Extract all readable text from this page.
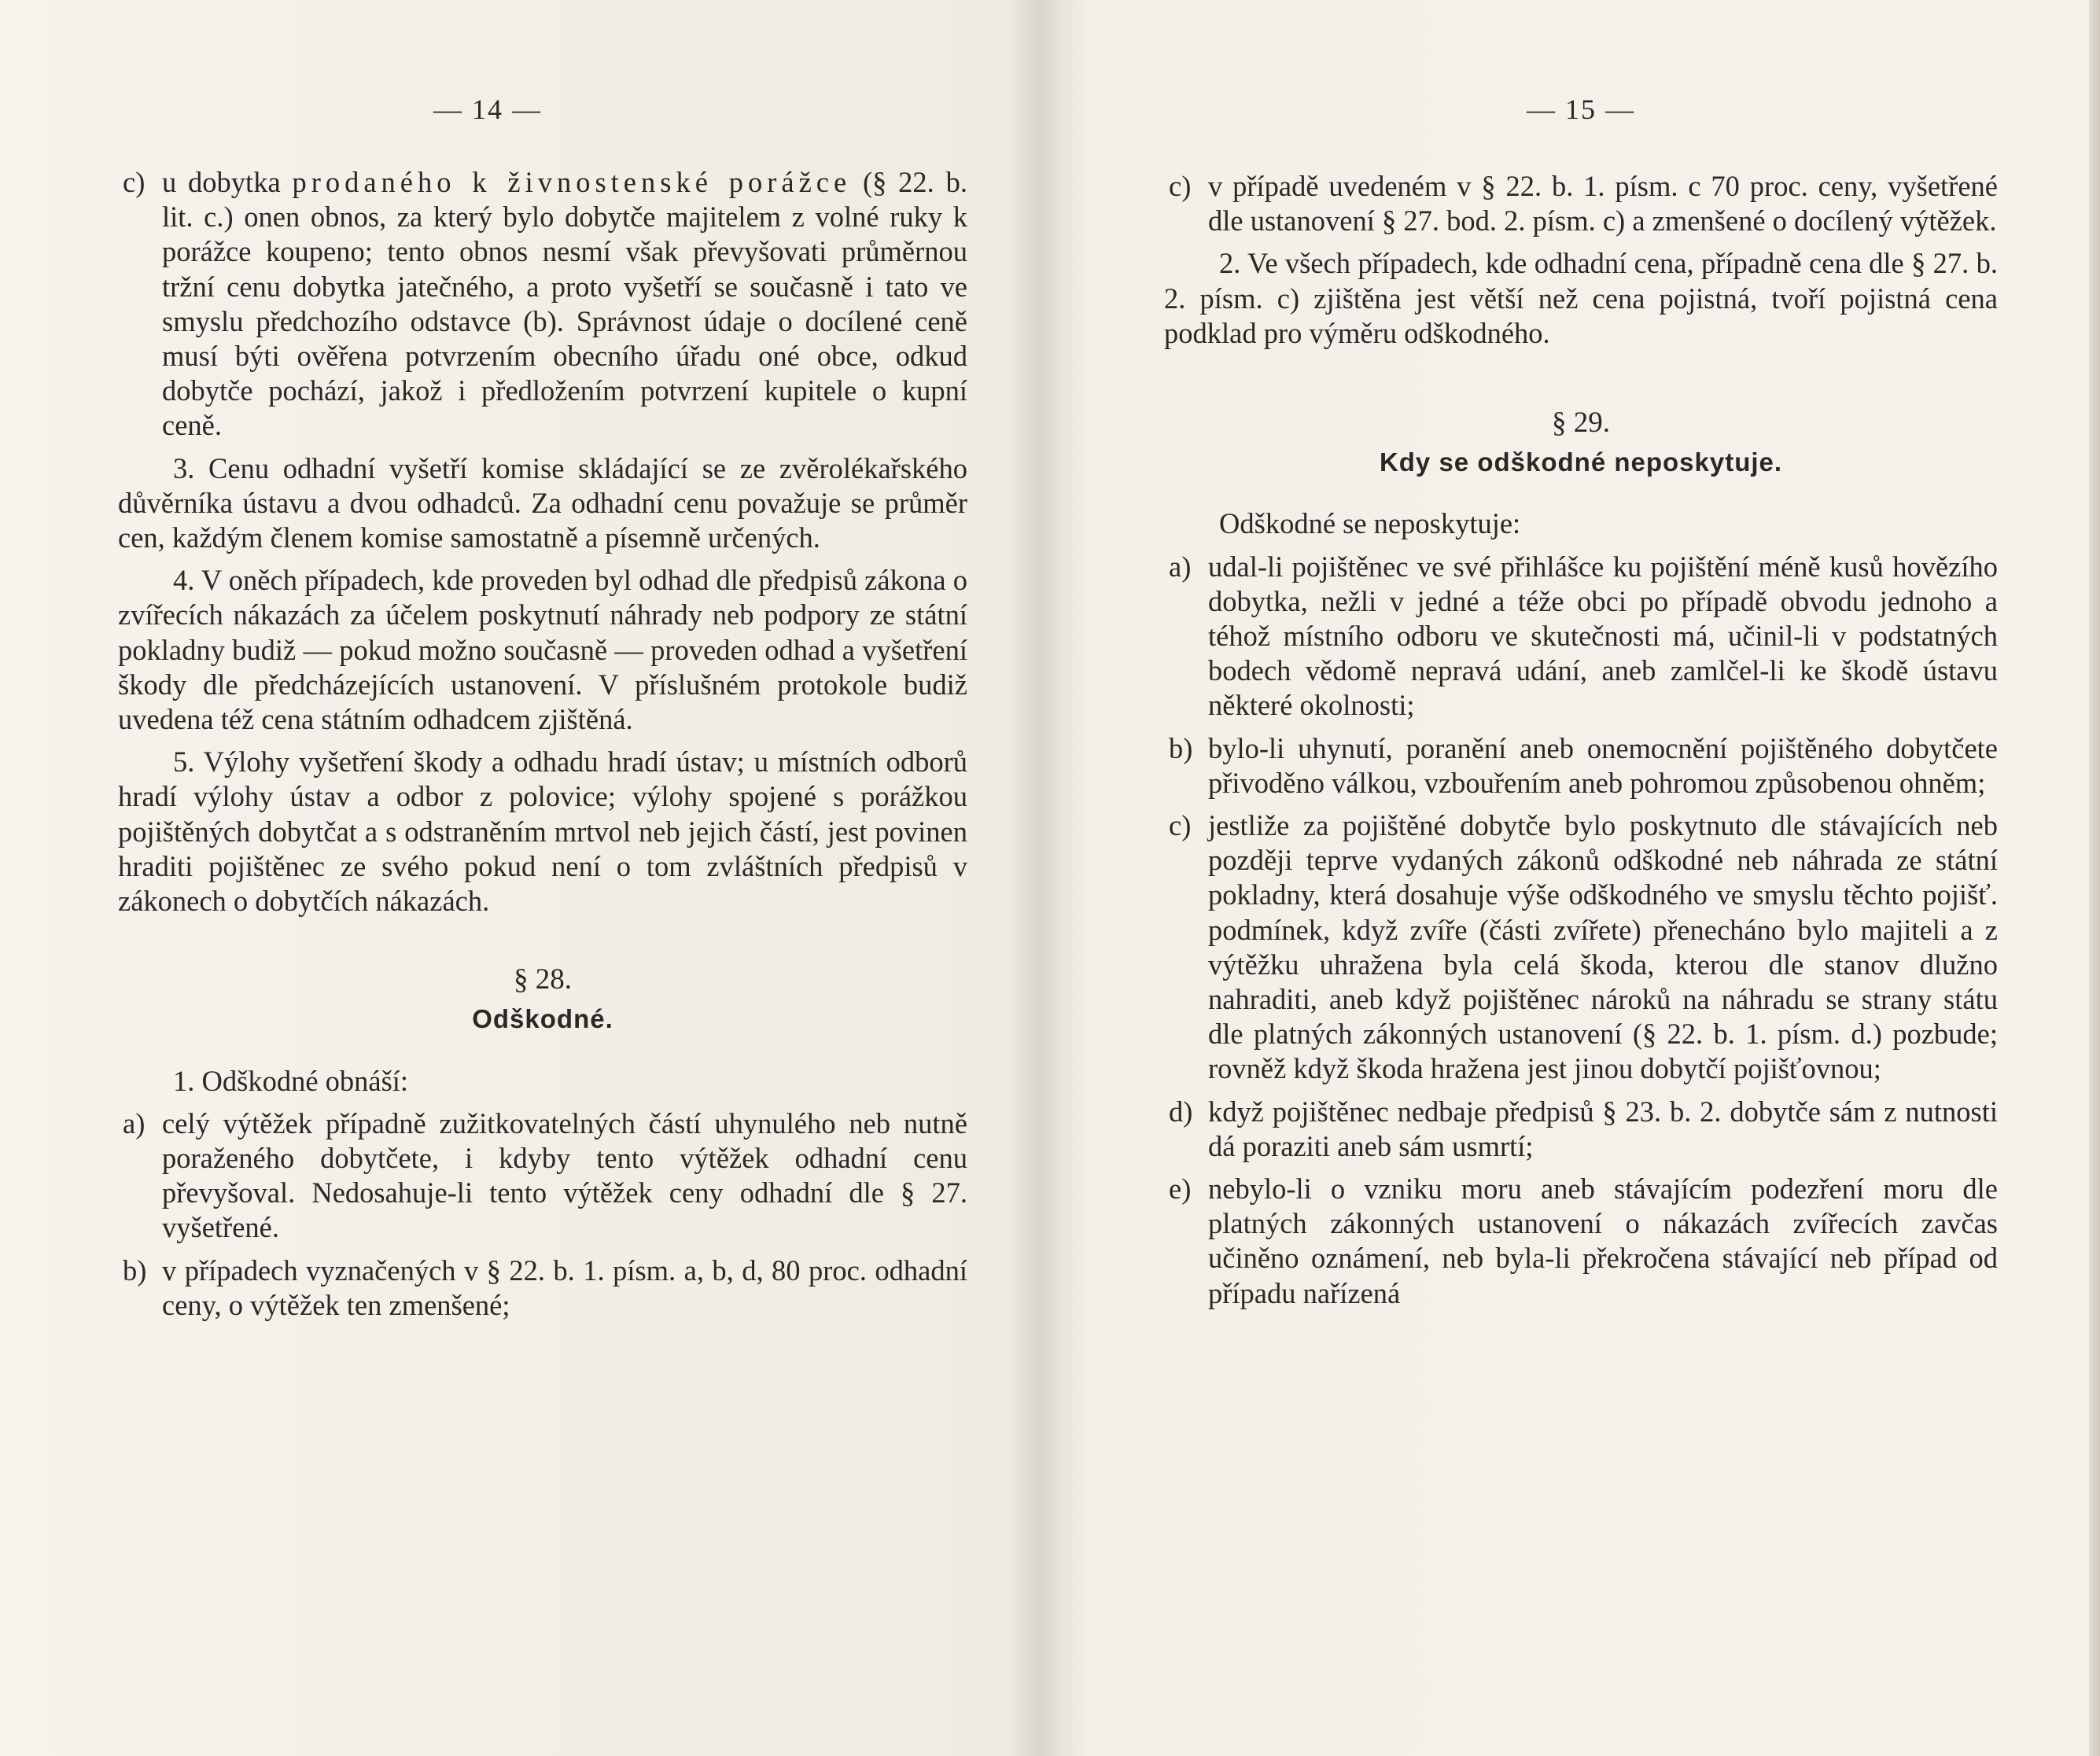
— 14 —
c) u dobytka prodaného k živnostenské porážce (§ 22. b. lit. c.) onen obnos, za který bylo dobytče majitelem z volné ruky k porážce koupeno; tento obnos nesmí však převyšovati průměrnou tržní cenu dobytka jatečného, a proto vyšetří se současně i tato ve smyslu předchozího odstavce (b). Správnost údaje o docílené ceně musí býti ověřena potvrzením obecního úřadu oné obce, odkud dobytče pochází, jakož i předložením potvrzení kupitele o kupní ceně.

3. Cenu odhadní vyšetří komise skládající se ze zvěrolékařského důvěrníka ústavu a dvou odhadců. Za odhadní cenu považuje se průměr cen, každým členem komise samostatně a písemně určených.

4. V oněch případech, kde proveden byl odhad dle předpisů zákona o zvířecích nákazách za účelem poskytnutí náhrady neb podpory ze státní pokladny budiž — pokud možno současně — proveden odhad a vyšetření škody dle předcházejících ustanovení. V příslušném protokole budiž uvedena též cena státním odhadcem zjištěná.

5. Výlohy vyšetření škody a odhadu hradí ústav; u místních odborů hradí výlohy ústav a odbor z polovice; výlohy spojené s porážkou pojištěných dobytčat a s odstraněním mrtvol neb jejich částí, jest povinen hraditi pojištěnec ze svého pokud není o tom zvláštních předpisů v zákonech o dobytčích nákazách.

§ 28.
Odškodné.

1. Odškodné obnáší:

a) celý výtěžek případně zužitkovatelných částí uhynulého neb nutně poraženého dobytčete, i kdyby tento výtěžek odhadní cenu převyšoval. Nedosahuje-li tento výtěžek ceny odhadní dle § 27. vyšetřené.
b) v případech vyznačených v § 22. b. 1. písm. a, b, d, 80 proc. odhadní ceny, o výtěžek ten zmenšené;
— 15 —
c) v případě uvedeném v § 22. b. 1. písm. c 70 proc. ceny, vyšetřené dle ustanovení § 27. bod. 2. písm. c) a zmenšené o docílený výtěžek.

2. Ve všech případech, kde odhadní cena, případně cena dle § 27. b. 2. písm. c) zjištěna jest větší než cena pojistná, tvoří pojistná cena podklad pro výměru odškodného.

§ 29.
Kdy se odškodné neposkytuje.

Odškodné se neposkytuje:

a) udal-li pojištěnec ve své přihlášce ku pojištění méně kusů hovězího dobytka, nežli v jedné a téže obci po případě obvodu jednoho a téhož místního odboru ve skutečnosti má, učinil-li v podstatných bodech vědomě nepravá udání, aneb zamlčel-li ke škodě ústavu některé okolnosti;
b) bylo-li uhynutí, poranění aneb onemocnění pojištěného dobytčete přivoděno válkou, vzbouřením aneb pohromou způsobenou ohněm;
c) jestliže za pojištěné dobytče bylo poskytnuto dle stávajících neb později teprve vydaných zákonů odškodné neb náhrada ze státní pokladny, která dosahuje výše odškodného ve smyslu těchto pojišť. podmínek, když zvíře (části zvířete) přenecháno bylo majiteli a z výtěžku uhražena byla celá škoda, kterou dle stanov dlužno nahraditi, aneb když pojištěnec nároků na náhradu se strany státu dle platných zákonných ustanovení (§ 22. b. 1. písm. d.) pozbude; rovněž když škoda hražena jest jinou dobytčí pojišťovnou;
d) když pojištěnec nedbaje předpisů § 23. b. 2. dobytče sám z nutnosti dá poraziti aneb sám usmrtí;
e) nebylo-li o vzniku moru aneb stávajícím podezření moru dle platných zákonných ustanovení o nákazách zvířecích zavčas učiněno oznámení, neb byla-li překročena stávající neb případ od případu nařízená
